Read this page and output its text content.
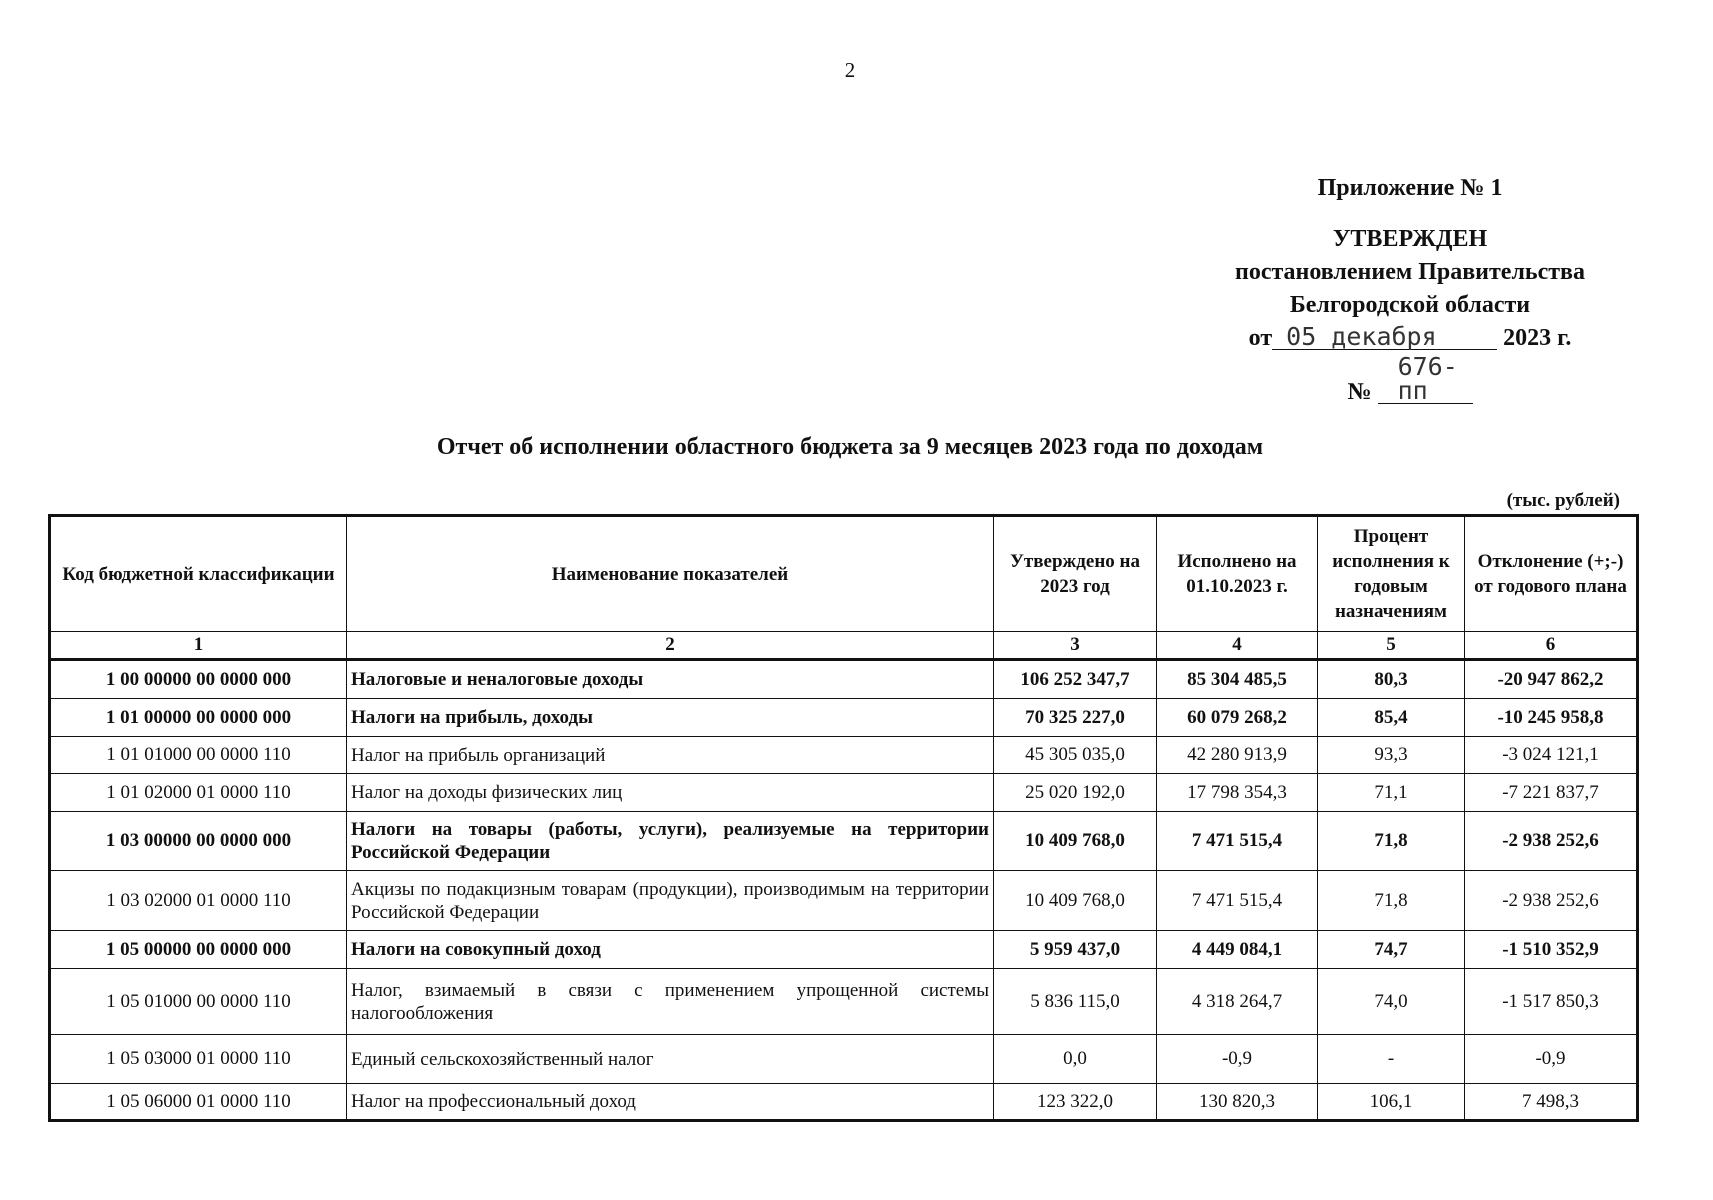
2
Приложение № 1
УТВЕРЖДЕН
постановлением Правительства
Белгородской области
от 05 декабря	2023 г.
№ 676-пп
Отчет об исполнении областного бюджета за 9 месяцев 2023 года по доходам
(тыс. рублей)
Код бюджетной классификации	Наименование показателей	Утверждено на 2023 год	Исполнено на 01.10.2023 г.	Процент исполнения к годовым назначениям	Отклонение (+;-) от годового плана
1	2	3	4	5	6
1 00 00000 00 0000 000	Налоговые и неналоговые доходы	106 252 347,7	85 304 485,5	80,3	-20 947 862,2
1 01 00000 00 0000 000	Налоги на прибыль, доходы	70 325 227,0	60 079 268,2	85,4	-10 245 958,8
1 01 01000 00 0000 110	Налог на прибыль организаций	45 305 035,0	42 280 913,9	93,3	-3 024 121,1
1 01 02000 01 0000 110	Налог на доходы физических лиц	25 020 192,0	17 798 354,3	71,1	-7 221 837,7
1 03 00000 00 0000 000	Налоги на товары (работы, услуги), реализуемые на территории Российской Федерации	10 409 768,0	7 471 515,4	71,8	-2 938 252,6
1 03 02000 01 0000 110	Акцизы по подакцизным товарам (продукции), производимым на территории Российской Федерации	10 409 768,0	7 471 515,4	71,8	-2 938 252,6
1 05 00000 00 0000 000	Налоги на совокупный доход	5 959 437,0	4 449 084,1	74,7	-1 510 352,9
1 05 01000 00 0000 110	Налог, взимаемый в связи с применением упрощенной системы налогообложения	5 836 115,0	4 318 264,7	74,0	-1 517 850,3
1 05 03000 01 0000 110	Единый сельскохозяйственный налог	0,0	-0,9	-	-0,9
1 05 06000 01 0000 110	Налог на профессиональный доход	123 322,0	130 820,3	106,1	7 498,3
